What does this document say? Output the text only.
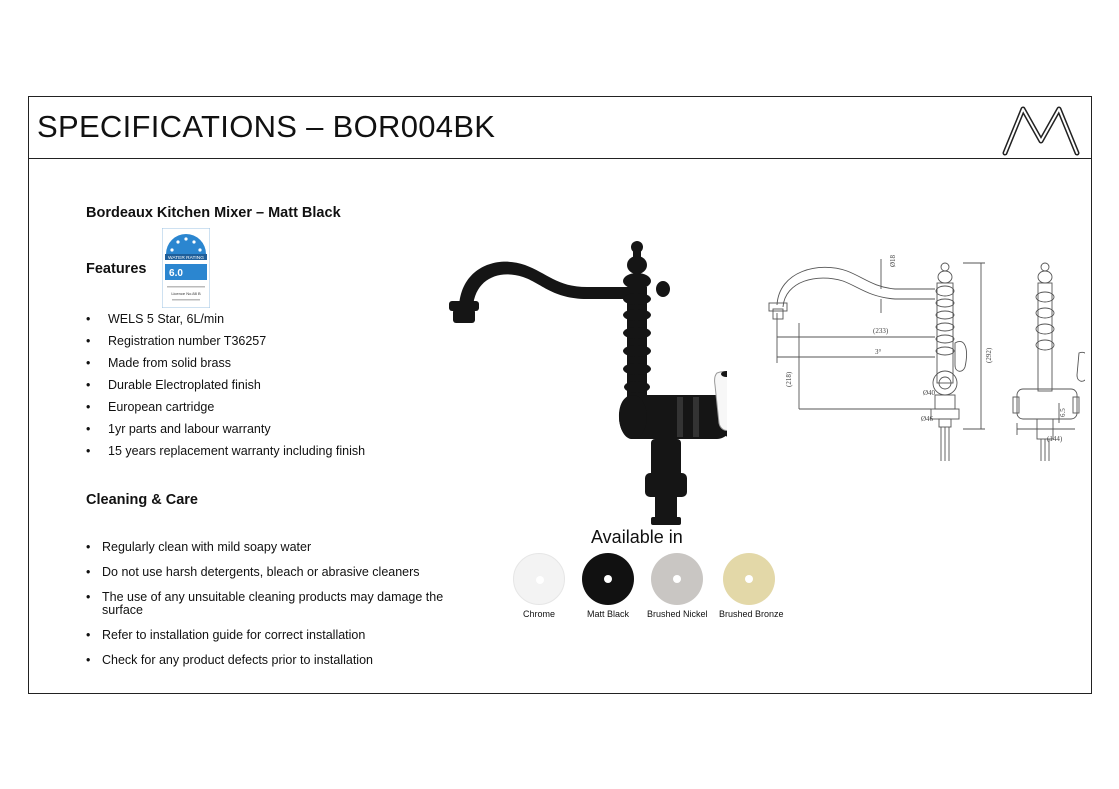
SPECIFICATIONS – BOR004BK
Bordeaux Kitchen Mixer – Matt Black
Features
WATER RATING
6.0
Licence No.88 B
• WELS 5 Star, 6L/min
• Registration number T36257
• Made from solid brass
• Durable Electroplated finish
• European cartridge
• 1yr parts and labour warranty
• 15 years replacement warranty including finish
Cleaning & Care
• Regularly clean with mild soapy water
• Do not use harsh detergents, bleach or abrasive cleaners
• The use of any unsuitable cleaning products may damage the surface
• Refer to installation guide for correct installation
• Check for any product defects prior to installation
(233)
3°
(218)
(292)
Ø18
Ø40
Ø46
(144)
6.5
Available in
Chrome	Matt Black	Brushed Nickel Brushed Bronze
